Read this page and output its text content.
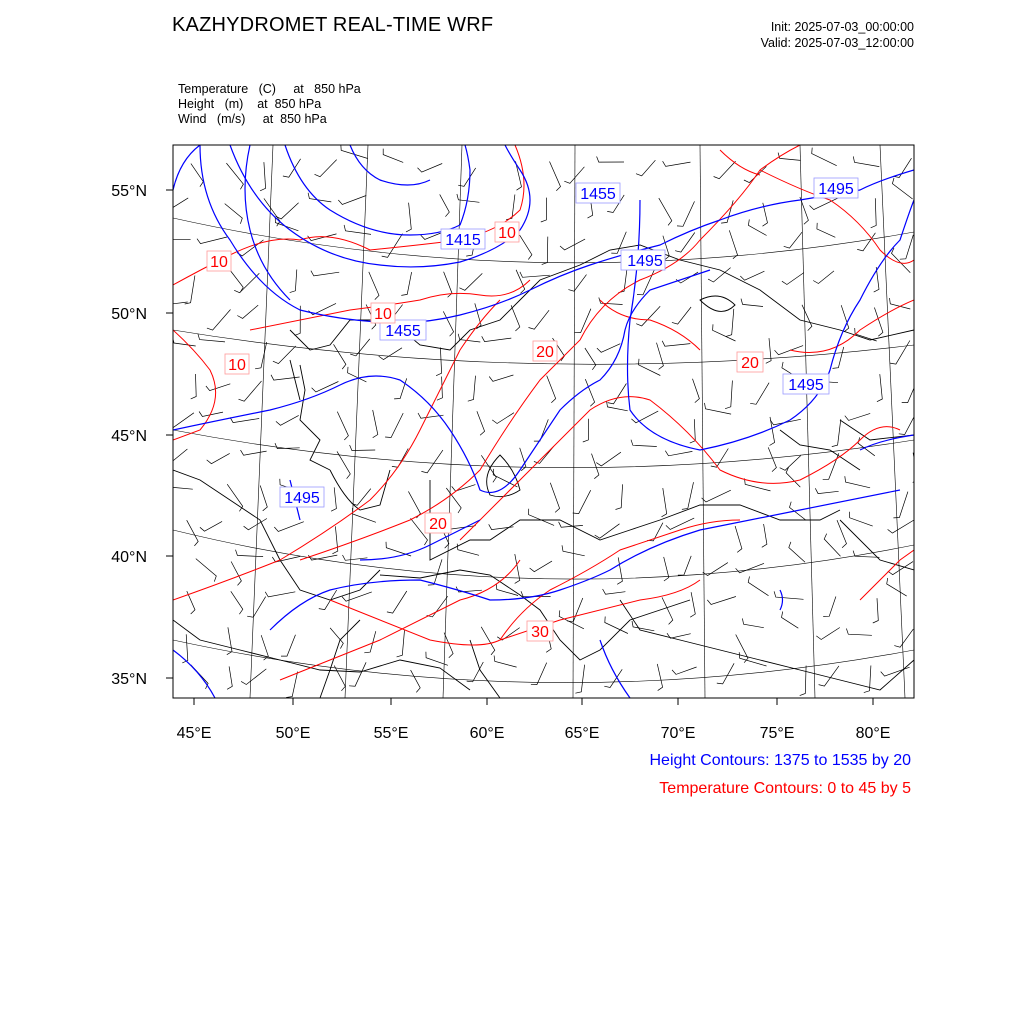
KAZHYDROMET REAL-TIME WRF	Init: 2025-07-03_00:00:00
Valid: 2025-07-03_12:00:00
Temperature (C) at   850 hPa
Height (m) at  850 hPa
Wind (m/s) at  850 hPa
55°N
50°N
45°N
40°N
35°N
45°E	50°E	55°E	60°E	65°E	70°E	75°E	80°E
1455
1415
1495
1455
1495
1495
1495
10
10
10
10
20
20
20
30
Height Contours: 1375 to 1535 by 20
Temperature Contours: 0 to 45 by 5
